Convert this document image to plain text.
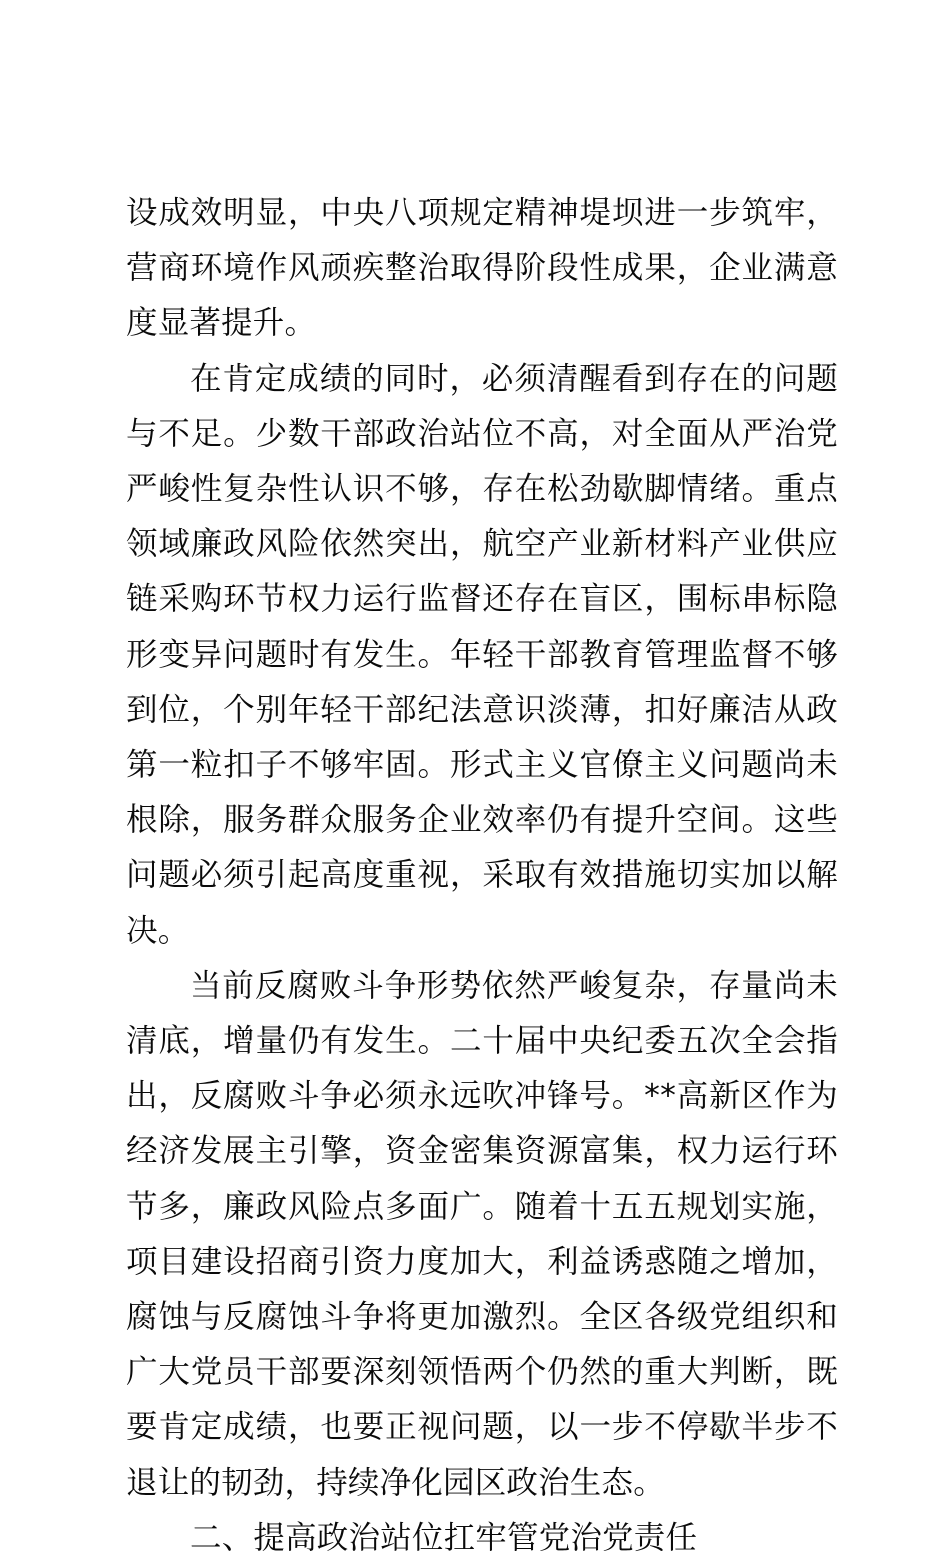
设成效明显，中央八项规定精神堤坝进一步筑牢，营商环境作风顽疾整治取得阶段性成果，企业满意度显著提升。

在肯定成绩的同时，必须清醒看到存在的问题与不足。少数干部政治站位不高，对全面从严治党严峻性复杂性认识不够，存在松劲歇脚情绪。重点领域廉政风险依然突出，航空产业新材料产业供应链采购环节权力运行监督还存在盲区，围标串标隐形变异问题时有发生。年轻干部教育管理监督不够到位，个别年轻干部纪法意识淡薄，扣好廉洁从政第一粒扣子不够牢固。形式主义官僚主义问题尚未根除，服务群众服务企业效率仍有提升空间。这些问题必须引起高度重视，采取有效措施切实加以解决。

当前反腐败斗争形势依然严峻复杂，存量尚未清底，增量仍有发生。二十届中央纪委五次全会指出，反腐败斗争必须永远吹冲锋号。**高新区作为经济发展主引擎，资金密集资源富集，权力运行环节多，廉政风险点多面广。随着十五五规划实施，项目建设招商引资力度加大，利益诱惑随之增加，腐蚀与反腐蚀斗争将更加激烈。全区各级党组织和广大党员干部要深刻领悟两个仍然的重大判断，既要肯定成绩，也要正视问题，以一步不停歇半步不退让的韧劲，持续净化园区政治生态。

二、提高政治站位扛牢管党治党责任
